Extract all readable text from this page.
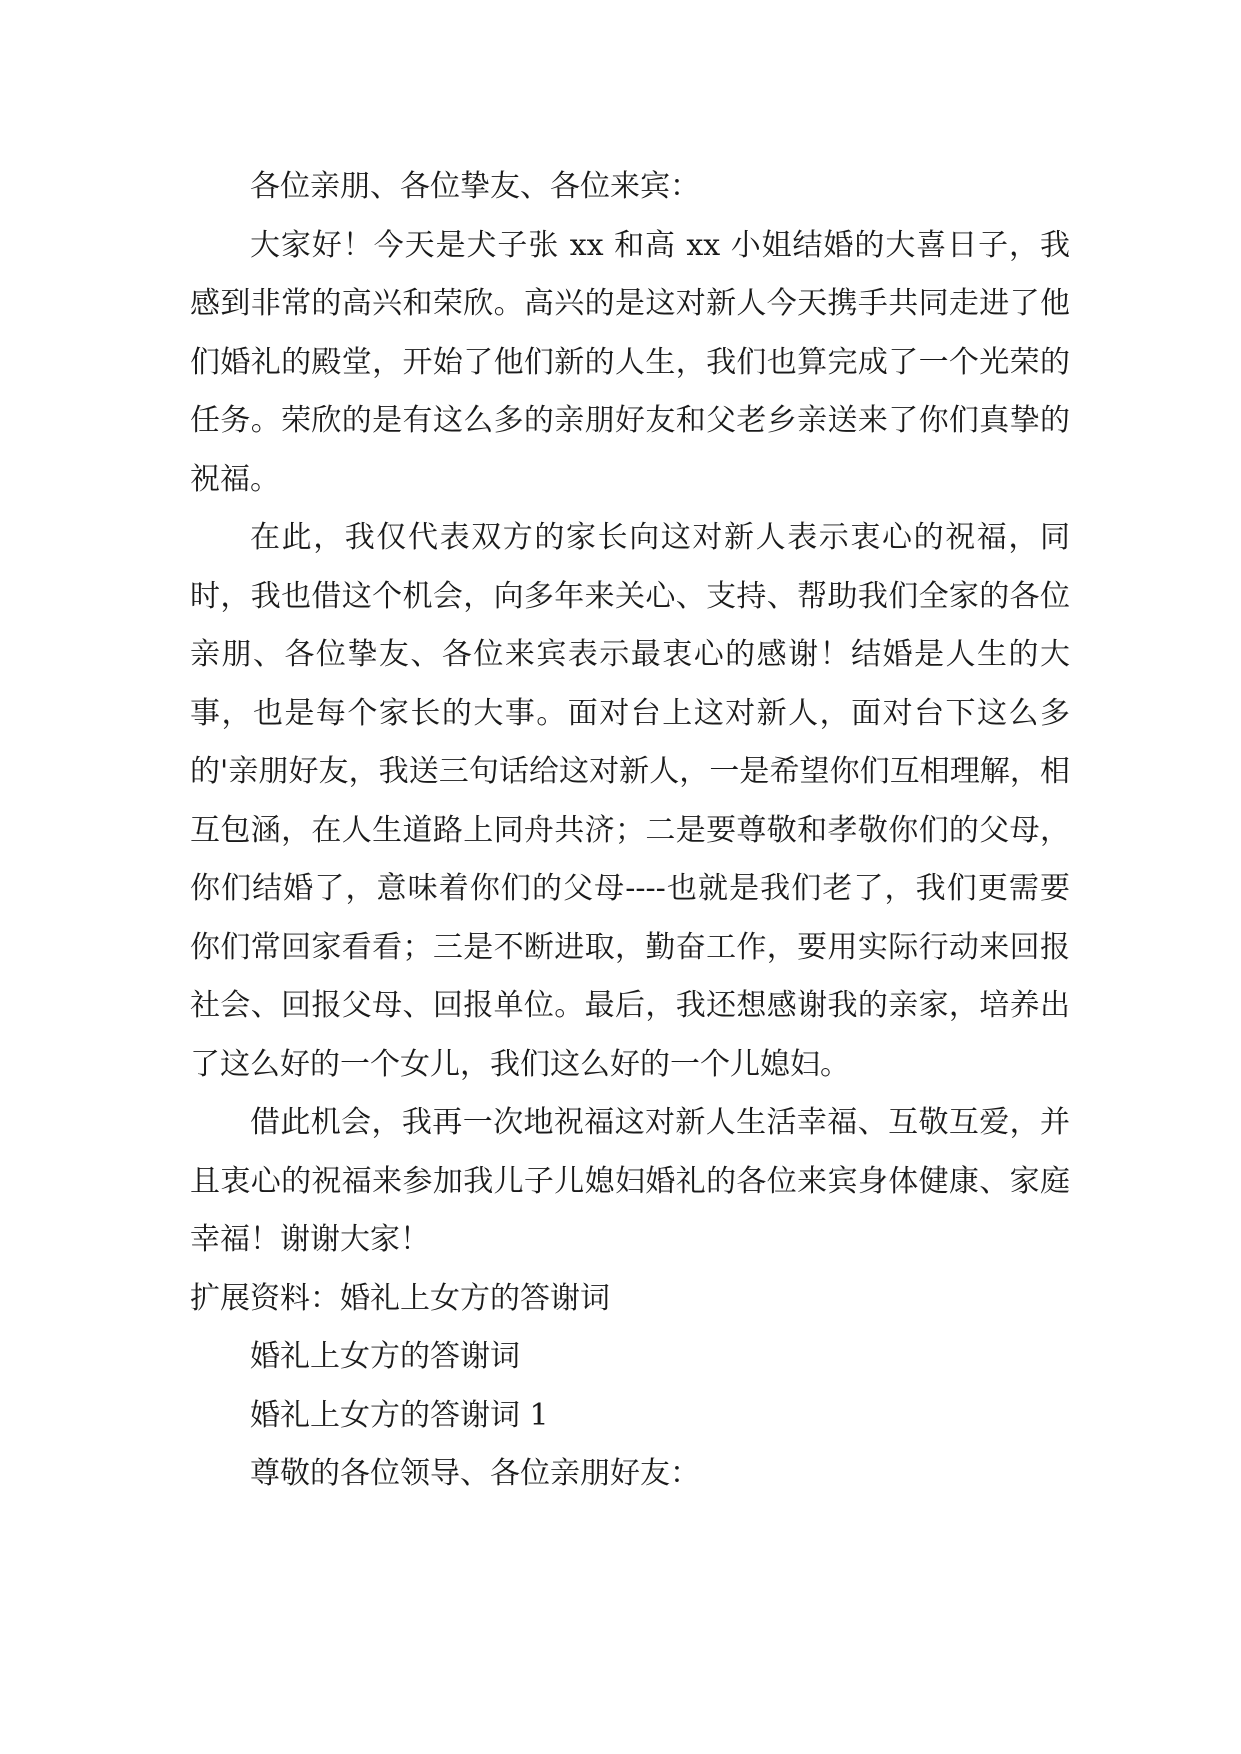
各位亲朋、各位挚友、各位来宾：

大家好！今天是犬子张 xx 和高 xx 小姐结婚的大喜日子，我感到非常的高兴和荣欣。高兴的是这对新人今天携手共同走进了他们婚礼的殿堂，开始了他们新的人生，我们也算完成了一个光荣的任务。荣欣的是有这么多的亲朋好友和父老乡亲送来了你们真挚的祝福。

在此，我仅代表双方的家长向这对新人表示衷心的祝福，同时，我也借这个机会，向多年来关心、支持、帮助我们全家的各位亲朋、各位挚友、各位来宾表示最衷心的感谢！结婚是人生的大事，也是每个家长的大事。面对台上这对新人，面对台下这么多的'亲朋好友，我送三句话给这对新人，一是希望你们互相理解，相互包涵，在人生道路上同舟共济；二是要尊敬和孝敬你们的父母，你们结婚了，意味着你们的父母----也就是我们老了，我们更需要你们常回家看看；三是不断进取，勤奋工作，要用实际行动来回报社会、回报父母、回报单位。最后，我还想感谢我的亲家，培养出了这么好的一个女儿，我们这么好的一个儿媳妇。

借此机会，我再一次地祝福这对新人生活幸福、互敬互爱，并且衷心的祝福来参加我儿子儿媳妇婚礼的各位来宾身体健康、家庭幸福！谢谢大家！

扩展资料：婚礼上女方的答谢词

婚礼上女方的答谢词

婚礼上女方的答谢词 1

尊敬的各位领导、各位亲朋好友：
